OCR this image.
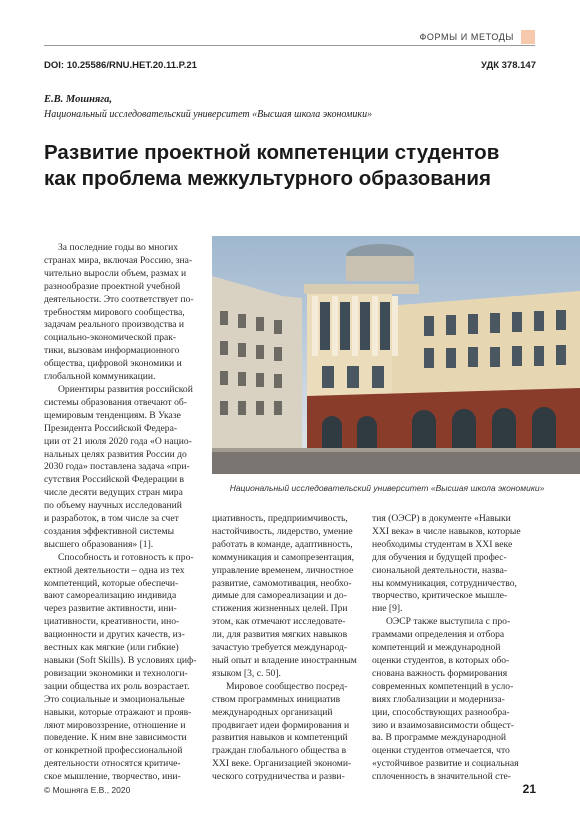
ФОРМЫ И МЕТОДЫ
DOI: 10.25586/RNU.HET.20.11.P.21	УДК 378.147
Е.В. Мошняга,
Национальный исследовательский университет «Высшая школа экономики»
Развитие проектной компетенции студентов
как проблема межкультурного образования
Национальный исследовательский университет «Высшая школа экономики»
За последние годы во многих
странах мира, включая Россию, зна-
чительно выросли объем, размах и
разнообразие проектной учебной
деятельности. Это соответствует по-
требностям мирового сообщества,
задачам реального производства и
социально-экономической прак-
тики, вызовам информационного
общества, цифровой экономики и
глобальной коммуникации.
Ориентиры развития российской
системы образования отвечают об-
щемировым тенденциям. В Указе
Президента Российской Федера-
ции от 21 июля 2020 года «О нацио-
нальных целях развития России до
2030 года» поставлена задача «при-
сутствия Российской Федерации в
числе десяти ведущих стран мира
по объему научных исследований
и разработок, в том числе за счет
создания эффективной системы
высшего образования» [1].
Способность и готовность к про-
ектной деятельности – одна из тех
компетенций, которые обеспечи-
вают самореализацию индивида
через развитие активности, ини-
циативности, креативности, ино-
вационности и других качеств, из-
вестных как мягкие (или гибкие)
навыки (Soft Skills). В условиях циф-
ровизации экономики и технологи-
зации общества их роль возрастает.
Это социальные и эмоциональные
навыки, которые отражают и прояв-
ляют мировоззрение, отношение и
поведение. К ним вне зависимости
от конкретной профессиональной
деятельности относятся критиче-
ское мышление, творчество, ини-
циативность, предприимчивость,
настойчивость, лидерство, умение
работать в команде, адаптивность,
коммуникация и самопрезентация,
управление временем, личностное
развитие, самомотивация, необхо-
димые для самореализации и до-
стижения жизненных целей. При
этом, как отмечают исследовате-
ли, для развития мягких навыков
зачастую требуется международ-
ный опыт и владение иностранным
языком [3, с. 50].
Мировое сообщество посред-
ством программных инициатив
международных организаций
продвигает идеи формирования и
развития навыков и компетенций
граждан глобального общества в
XXI веке. Организацией экономи-
ческого сотрудничества и разви-
тия (ОЭСР) в документе «Навыки
XXI века» в числе навыков, которые
необходимы студентам в XXI веке
для обучения и будущей профес-
сиональной деятельности, назва-
ны коммуникация, сотрудничество,
творчество, критическое мышле-
ние [9].
ОЭСР также выступила с про-
граммами определения и отбора
компетенций и международной
оценки студентов, в которых обо-
снована важность формирования
современных компетенций в усло-
виях глобализации и модерниза-
ции, способствующих разнообра-
зию и взаимозависимости общест-
ва. В программе международной
оценки студентов отмечается, что
«устойчивое развитие и социальная
сплоченность в значительной сте-
© Мошняга Е.В., 2020	21
